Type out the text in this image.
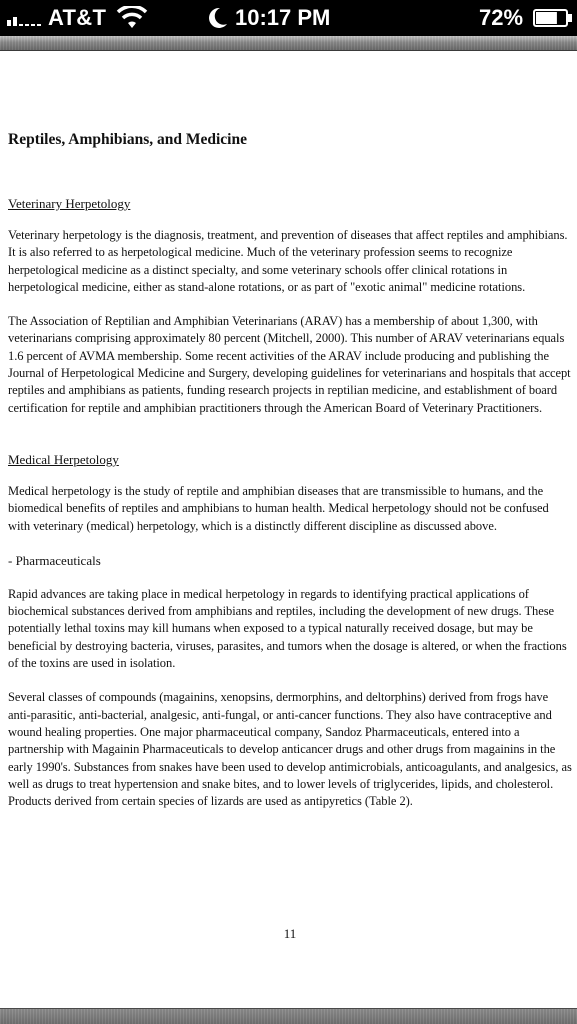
AT&T	10:17 PM	72%
Reptiles, Amphibians, and Medicine

Veterinary Herpetology

Veterinary herpetology is the diagnosis, treatment, and prevention of diseases that affect reptiles and amphibians. It is also referred to as herpetological medicine. Much of the veterinary profession seems to recognize herpetological medicine as a distinct specialty, and some veterinary schools offer clinical rotations in herpetological medicine, either as stand-alone rotations, or as part of "exotic animal" medicine rotations.

The Association of Reptilian and Amphibian Veterinarians (ARAV) has a membership of about 1,300, with veterinarians comprising approximately 80 percent (Mitchell, 2000). This number of ARAV veterinarians equals 1.6 percent of AVMA membership. Some recent activities of the ARAV include producing and publishing the Journal of Herpetological Medicine and Surgery, developing guidelines for veterinarians and hospitals that accept reptiles and amphibians as patients, funding research projects in reptilian medicine, and establishment of board certification for reptile and amphibian practitioners through the American Board of Veterinary Practitioners.

Medical Herpetology

Medical herpetology is the study of reptile and amphibian diseases that are transmissible to humans, and the biomedical benefits of reptiles and amphibians to human health. Medical herpetology should not be confused with veterinary (medical) herpetology, which is a distinctly different discipline as discussed above.

- Pharmaceuticals

Rapid advances are taking place in medical herpetology in regards to identifying practical applications of biochemical substances derived from amphibians and reptiles, including the development of new drugs. These potentially lethal toxins may kill humans when exposed to a typical naturally received dosage, but may be beneficial by destroying bacteria, viruses, parasites, and tumors when the dosage is altered, or when the fractions of the toxins are used in isolation.

Several classes of compounds (magainins, xenopsins, dermorphins, and deltorphins) derived from frogs have anti-parasitic, anti-bacterial, analgesic, anti-fungal, or anti-cancer functions. They also have contraceptive and wound healing properties. One major pharmaceutical company, Sandoz Pharmaceuticals, entered into a partnership with Magainin Pharmaceuticals to develop anticancer drugs and other drugs from magainins in the early 1990's. Substances from snakes have been used to develop antimicrobials, anticoagulants, and analgesics, as well as drugs to treat hypertension and snake bites, and to lower levels of triglycerides, lipids, and cholesterol. Products derived from certain species of lizards are used as antipyretics (Table 2).

11
